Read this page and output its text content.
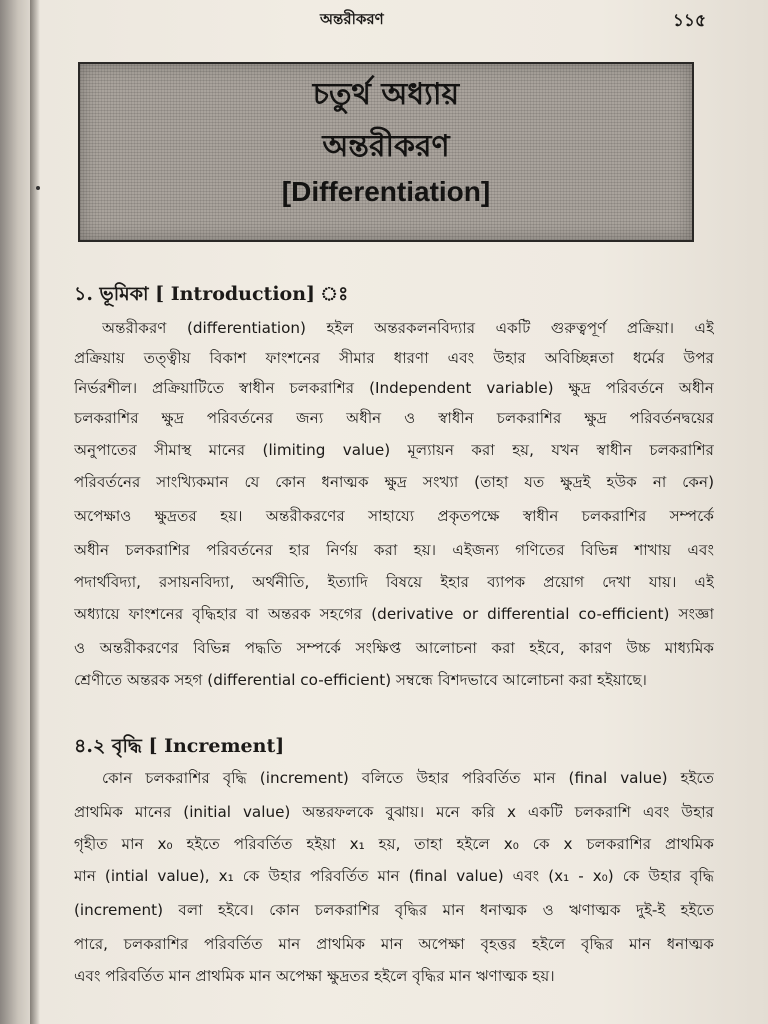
অন্তরীকরণ	১১৫
চতুর্থ অধ্যায়
অন্তরীকরণ
[Differentiation]
১. ভূমিকা [ Introduction] ঃ
অন্তরীকরণ (differentiation) হইল অন্তরকলনবিদ্যার একটি গুরুত্বপূর্ণ প্রক্রিয়া। এই
প্রক্রিয়ায় তত্ত্বীয় বিকাশ ফাংশনের সীমার ধারণা এবং উহার অবিচ্ছিন্নতা ধর্মের উপর
নির্ভরশীল। প্রক্রিয়াটিতে স্বাধীন চলকরাশির (Independent variable) ক্ষুদ্র পরিবর্তনে অধীন
চলকরাশির ক্ষুদ্র পরিবর্তনের জন্য অধীন ও স্বাধীন চলকরাশির ক্ষুদ্র পরিবর্তনদ্বয়ের
অনুপাতের সীমাস্থ মানের (limiting value) মূল্যায়ন করা হয়, যখন স্বাধীন চলকরাশির
পরিবর্তনের সাংখ্যিকমান যে কোন ধনাত্মক ক্ষুদ্র সংখ্যা (তাহা যত ক্ষুদ্রই হউক না কেন)
অপেক্ষাও ক্ষুদ্রতর হয়। অন্তরীকরণের সাহায্যে প্রকৃতপক্ষে স্বাধীন চলকরাশির সম্পর্কে
অধীন চলকরাশির পরিবর্তনের হার নির্ণয় করা হয়। এইজন্য গণিতের বিভিন্ন শাখায় এবং
পদার্থবিদ্যা, রসায়নবিদ্যা, অর্থনীতি, ইত্যাদি বিষয়ে ইহার ব্যাপক প্রয়োগ দেখা যায়। এই
অধ্যায়ে ফাংশনের বৃদ্ধিহার বা অন্তরক সহগের (derivative or differential co-efficient) সংজ্ঞা
ও অন্তরীকরণের বিভিন্ন পদ্ধতি সম্পর্কে সংক্ষিপ্ত আলোচনা করা হইবে, কারণ উচ্চ মাধ্যমিক
শ্রেণীতে অন্তরক সহগ (differential co-efficient) সম্বন্ধে বিশদভাবে আলোচনা করা হইয়াছে।
৪.২ বৃদ্ধি [ Increment]
কোন চলকরাশির বৃদ্ধি (increment) বলিতে উহার পরিবর্তিত মান (final value) হইতে
প্রাথমিক মানের (initial value) অন্তরফলকে বুঝায়। মনে করি x একটি চলকরাশি এবং উহার
গৃহীত মান x₀ হইতে পরিবর্তিত হইয়া x₁ হয়, তাহা হইলে x₀ কে x চলকরাশির প্রাথমিক
মান (intial value), x₁ কে উহার পরিবর্তিত মান (final value) এবং (x₁ - x₀) কে উহার বৃদ্ধি
(increment) বলা হইবে। কোন চলকরাশির বৃদ্ধির মান ধনাত্মক ও ঋণাত্মক দুই-ই হইতে
পারে, চলকরাশির পরিবর্তিত মান প্রাথমিক মান অপেক্ষা বৃহত্তর হইলে বৃদ্ধির মান ধনাত্মক
এবং পরিবর্তিত মান প্রাথমিক মান অপেক্ষা ক্ষুদ্রতর হইলে বৃদ্ধির মান ঋণাত্মক হয়।
